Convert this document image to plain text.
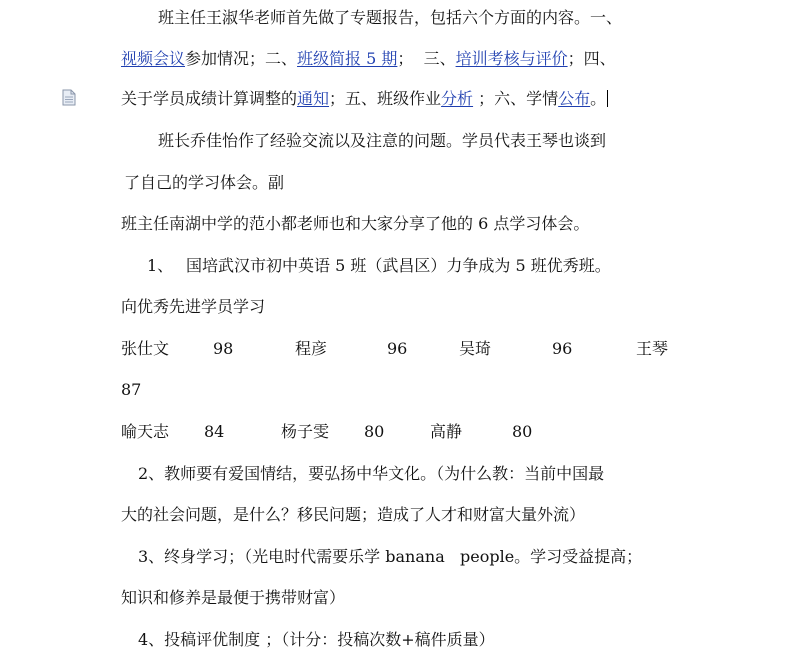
班主任王淑华老师首先做了专题报告，包括六个方面的内容。一、
视频会议参加情况；二、班级简报 5 期；  三、培训考核与评价；四、
关于学员成绩计算调整的通知；五、班级作业分析 ；六、学情公布。
班长乔佳怡作了经验交流以及注意的问题。学员代表王琴也谈到
了自己的学习体会。副
班主任南湖中学的范小都老师也和大家分享了他的 6 点学习体会。
1、 国培武汉市初中英语 5 班（武昌区）力争成为 5 班优秀班。
向优秀先进学员学习
张仕文	98	程彦	96	吴琦	96	王琴
87
喻天志 84	杨子雯 80	高静	80
2、教师要有爱国情结，要弘扬中华文化。（为什么教：当前中国最
大的社会问题，是什么？移民问题；造成了人才和财富大量外流）
3、终身学习；（光电时代需要乐学 banana   people。学习受益提高；
知识和修养是最便于携带财富）
4、投稿评优制度 ；（计分：投稿次数+稿件质量）
